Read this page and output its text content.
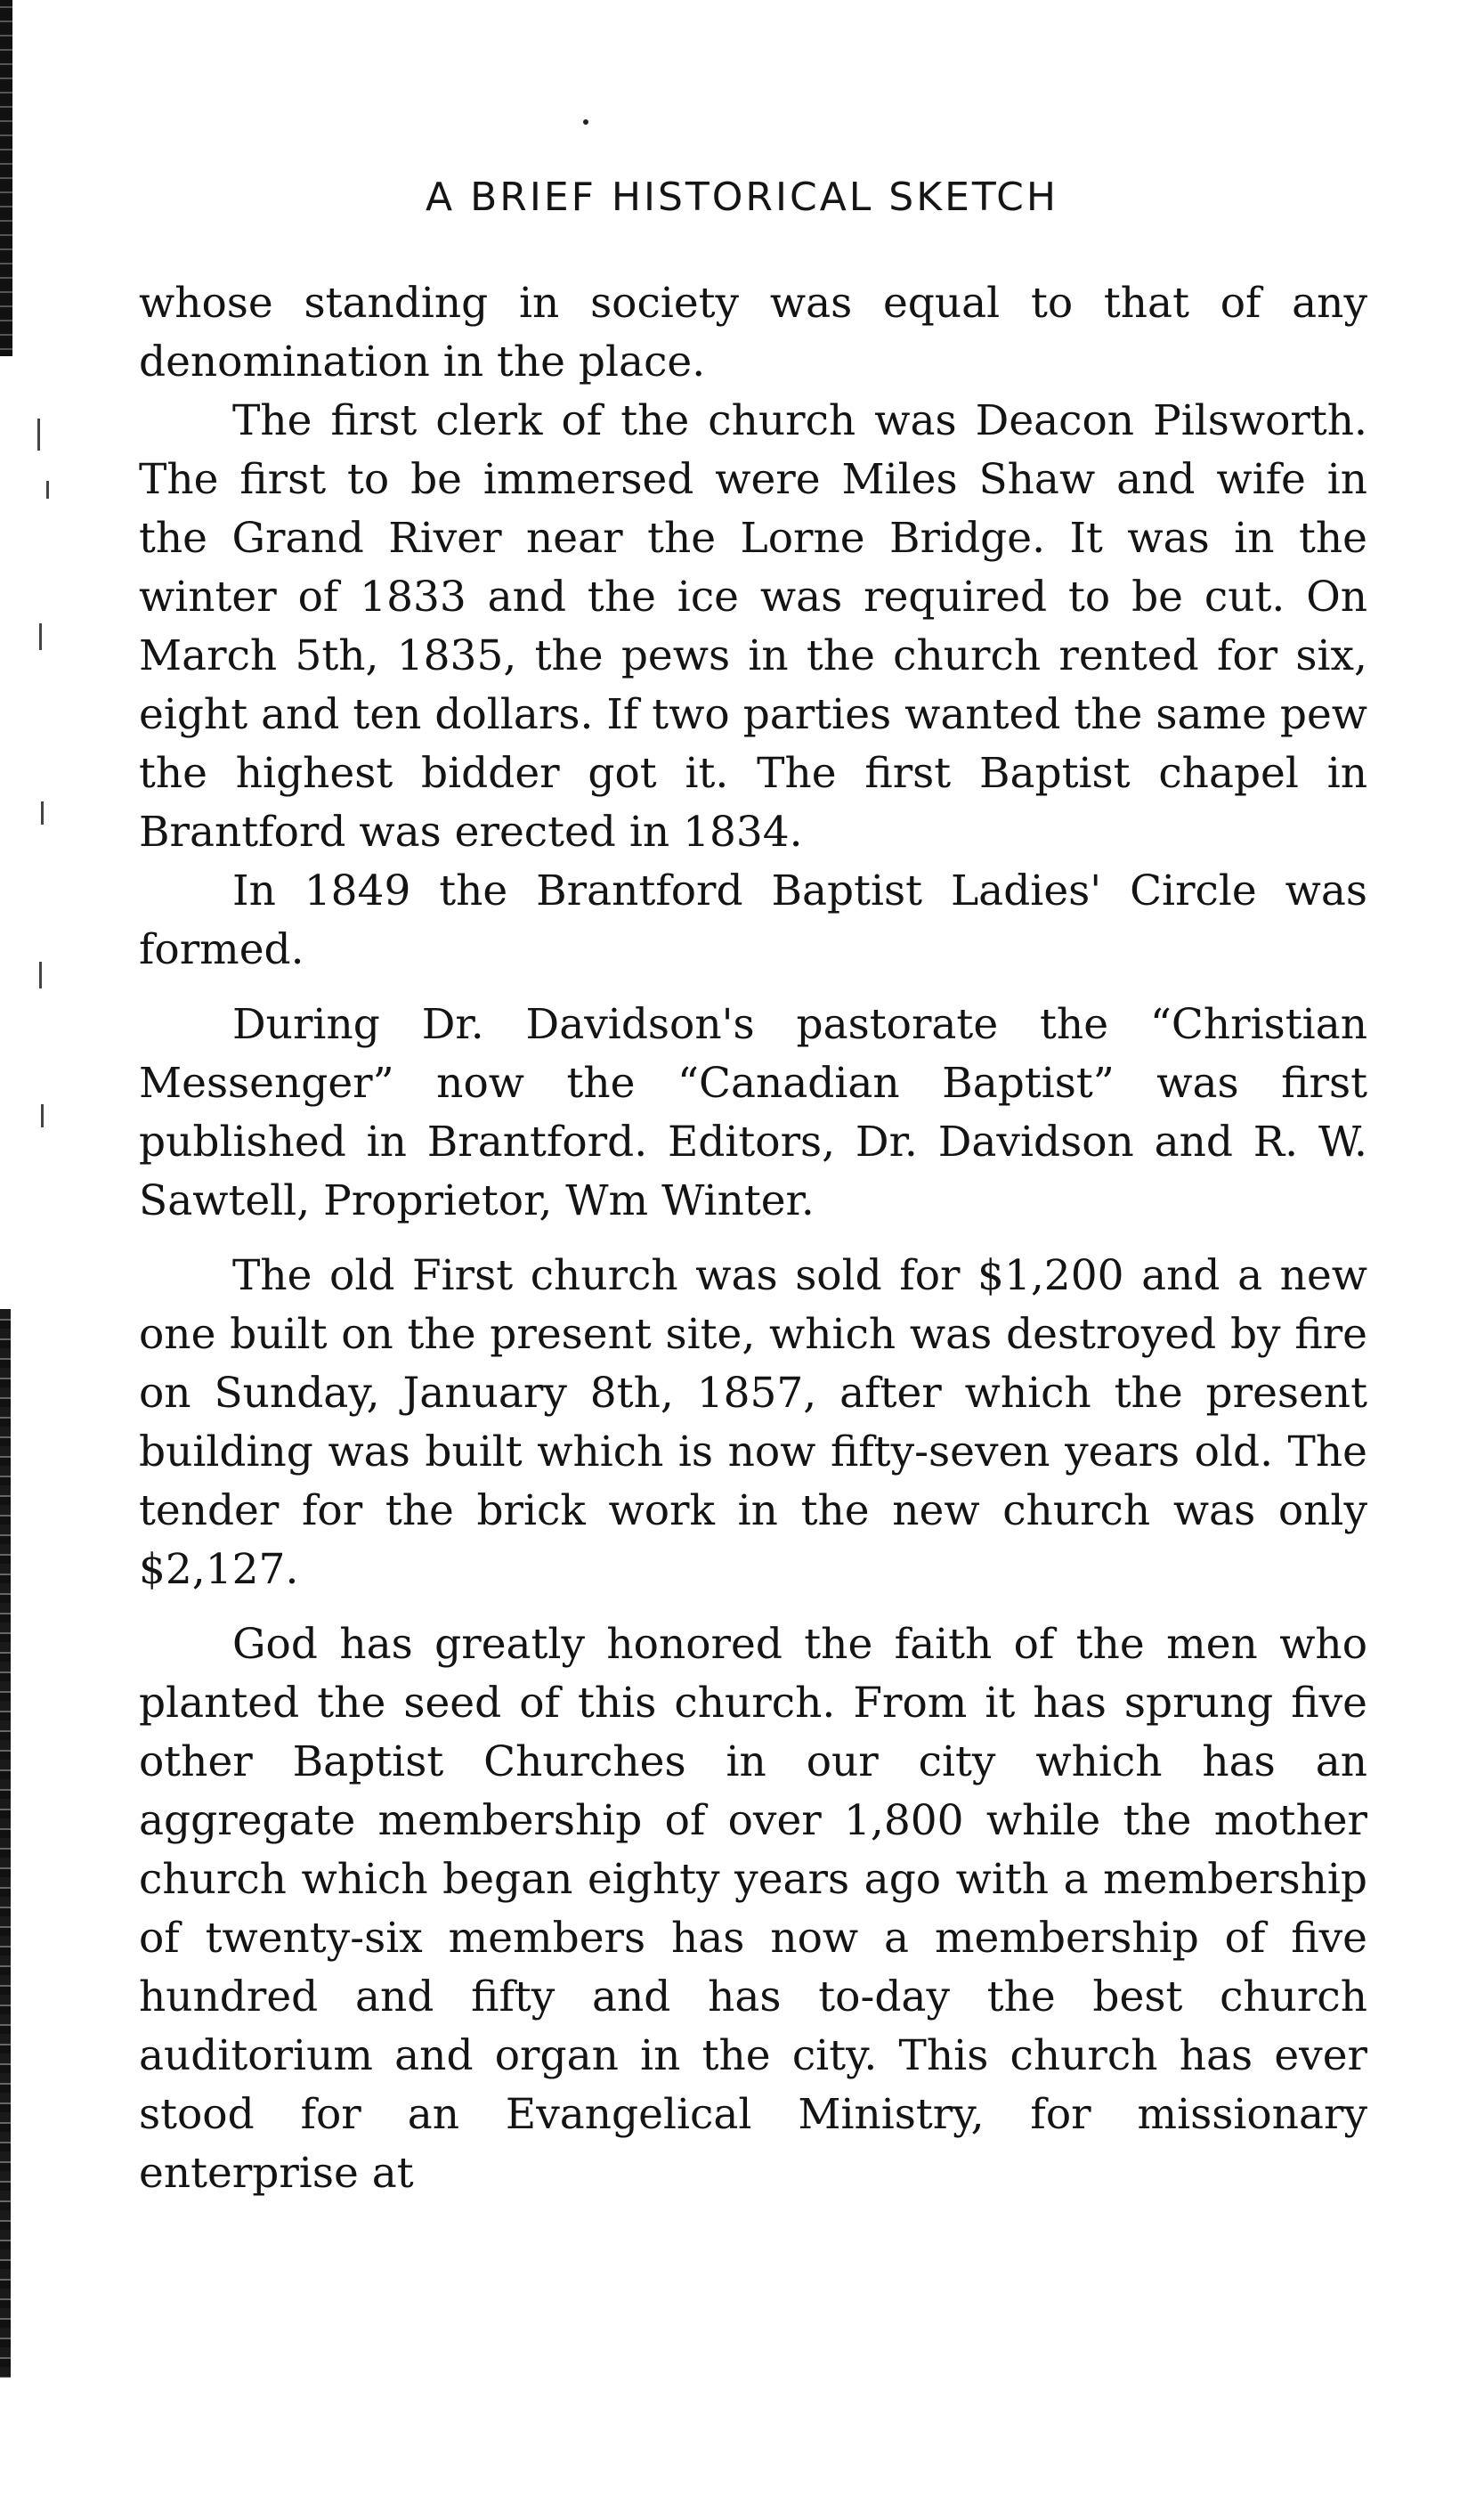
A BRIEF HISTORICAL SKETCH

whose standing in society was equal to that of any denomination in the place.

The first clerk of the church was Deacon Pilsworth. The first to be immersed were Miles Shaw and wife in the Grand River near the Lorne Bridge. It was in the winter of 1833 and the ice was required to be cut. On March 5th, 1835, the pews in the church rented for six, eight and ten dollars. If two parties wanted the same pew the highest bidder got it. The first Baptist chapel in Brantford was erected in 1834.

In 1849 the Brantford Baptist Ladies' Circle was formed.

During Dr. Davidson's pastorate the “Christian Messenger” now the “Canadian Baptist” was first published in Brantford. Editors, Dr. Davidson and R. W. Sawtell, Proprietor, Wm Winter.

The old First church was sold for $1,200 and a new one built on the present site, which was destroyed by fire on Sunday, January 8th, 1857, after which the present building was built which is now fifty-seven years old. The tender for the brick work in the new church was only $2,127.

God has greatly honored the faith of the men who planted the seed of this church. From it has sprung five other Baptist Churches in our city which has an aggregate membership of over 1,800 while the mother church which began eighty years ago with a membership of twenty-six members has now a membership of five hundred and fifty and has to-day the best church auditorium and organ in the city. This church has ever stood for an Evangelical Ministry, for missionary enterprise at
